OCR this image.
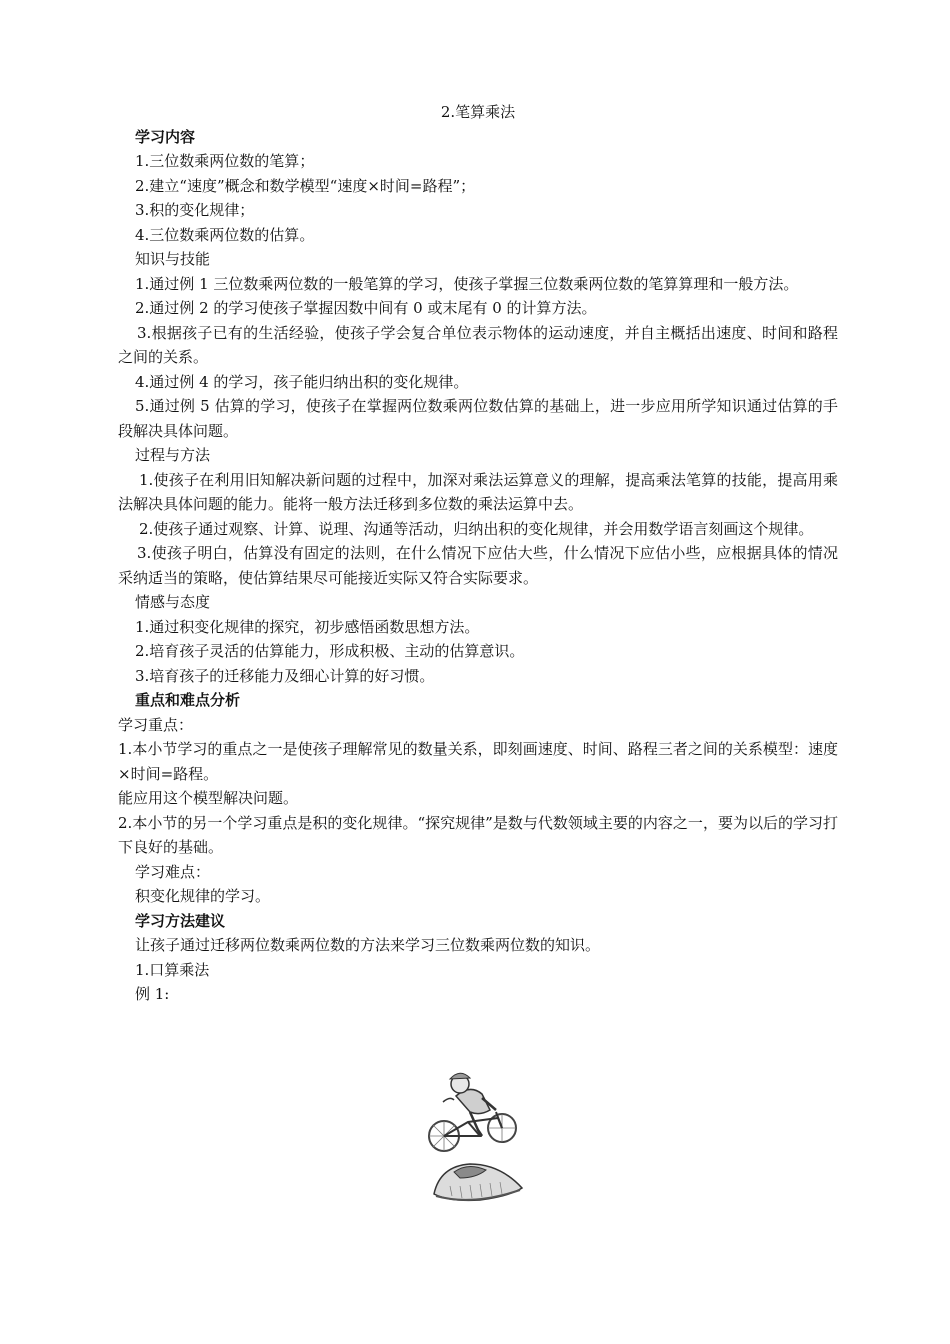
2.笔算乘法

学习内容

1.三位数乘两位数的笔算；

2.建立“速度”概念和数学模型“速度×时间=路程”；

3.积的变化规律；

4.三位数乘两位数的估算。

知识与技能

1.通过例 1 三位数乘两位数的一般笔算的学习，使孩子掌握三位数乘两位数的笔算算理和一般方法。

2.通过例 2 的学习使孩子掌握因数中间有 0 或末尾有 0 的计算方法。

3.根据孩子已有的生活经验，使孩子学会复合单位表示物体的运动速度，并自主概括出速度、时间和路程之间的关系。

4.通过例 4 的学习，孩子能归纳出积的变化规律。

5.通过例 5 估算的学习，使孩子在掌握两位数乘两位数估算的基础上，进一步应用所学知识通过估算的手段解决具体问题。

过程与方法

1.使孩子在利用旧知解决新问题的过程中，加深对乘法运算意义的理解，提高乘法笔算的技能，提高用乘法解决具体问题的能力。能将一般方法迁移到多位数的乘法运算中去。

2.使孩子通过观察、计算、说理、沟通等活动，归纳出积的变化规律，并会用数学语言刻画这个规律。

3.使孩子明白，估算没有固定的法则，在什么情况下应估大些，什么情况下应估小些，应根据具体的情况采纳适当的策略，使估算结果尽可能接近实际又符合实际要求。

情感与态度

1.通过积变化规律的探究，初步感悟函数思想方法。

2.培育孩子灵活的估算能力，形成积极、主动的估算意识。

3.培育孩子的迁移能力及细心计算的好习惯。

重点和难点分析

学习重点：

1.本小节学习的重点之一是使孩子理解常见的数量关系，即刻画速度、时间、路程三者之间的关系模型：速度×时间=路程。

能应用这个模型解决问题。

2.本小节的另一个学习重点是积的变化规律。“探究规律”是数与代数领域主要的内容之一，要为以后的学习打下良好的基础。

学习难点：

积变化规律的学习。

学习方法建议

让孩子通过迁移两位数乘两位数的方法来学习三位数乘两位数的知识。

1.口算乘法

例 1:
